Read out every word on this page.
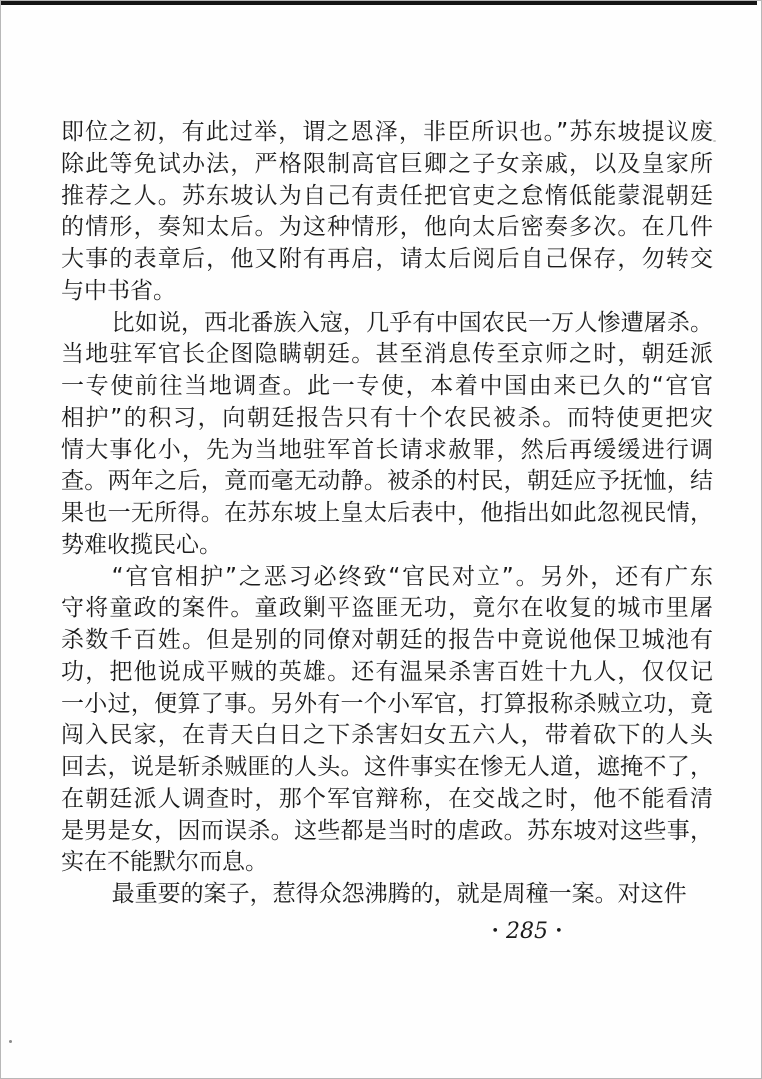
即位之初，有此过举，谓之恩泽，非臣所识也。”苏东坡提议废
除此等免试办法，严格限制高官巨卿之子女亲戚，以及皇家所
推荐之人。苏东坡认为自己有责任把官吏之怠惰低能蒙混朝廷
的情形，奏知太后。为这种情形，他向太后密奏多次。在几件
大事的表章后，他又附有再启，请太后阅后自己保存，勿转交
与中书省。
比如说，西北番族入寇，几乎有中国农民一万人惨遭屠杀。
当地驻军官长企图隐瞒朝廷。甚至消息传至京师之时，朝廷派
一专使前往当地调查。此一专使，本着中国由来已久的“官官
相护”的积习，向朝廷报告只有十个农民被杀。而特使更把灾
情大事化小，先为当地驻军首长请求赦罪，然后再缓缓进行调
查。两年之后，竟而毫无动静。被杀的村民，朝廷应予抚恤，结
果也一无所得。在苏东坡上皇太后表中，他指出如此忽视民情，
势难收揽民心。
“官官相护”之恶习必终致“官民对立”。另外，还有广东
守将童政的案件。童政剿平盗匪无功，竟尔在收复的城市里屠
杀数千百姓。但是别的同僚对朝廷的报告中竟说他保卫城池有
功，把他说成平贼的英雄。还有温杲杀害百姓十九人，仅仅记
一小过，便算了事。另外有一个小军官，打算报称杀贼立功，竟
闯入民家，在青天白日之下杀害妇女五六人，带着砍下的人头
回去，说是斩杀贼匪的人头。这件事实在惨无人道，遮掩不了，
在朝廷派人调查时，那个军官辩称，在交战之时，他不能看清
是男是女，因而误杀。这些都是当时的虐政。苏东坡对这些事，
实在不能默尔而息。
最重要的案子，惹得众怨沸腾的，就是周穜一案。对这件
• 285 •
